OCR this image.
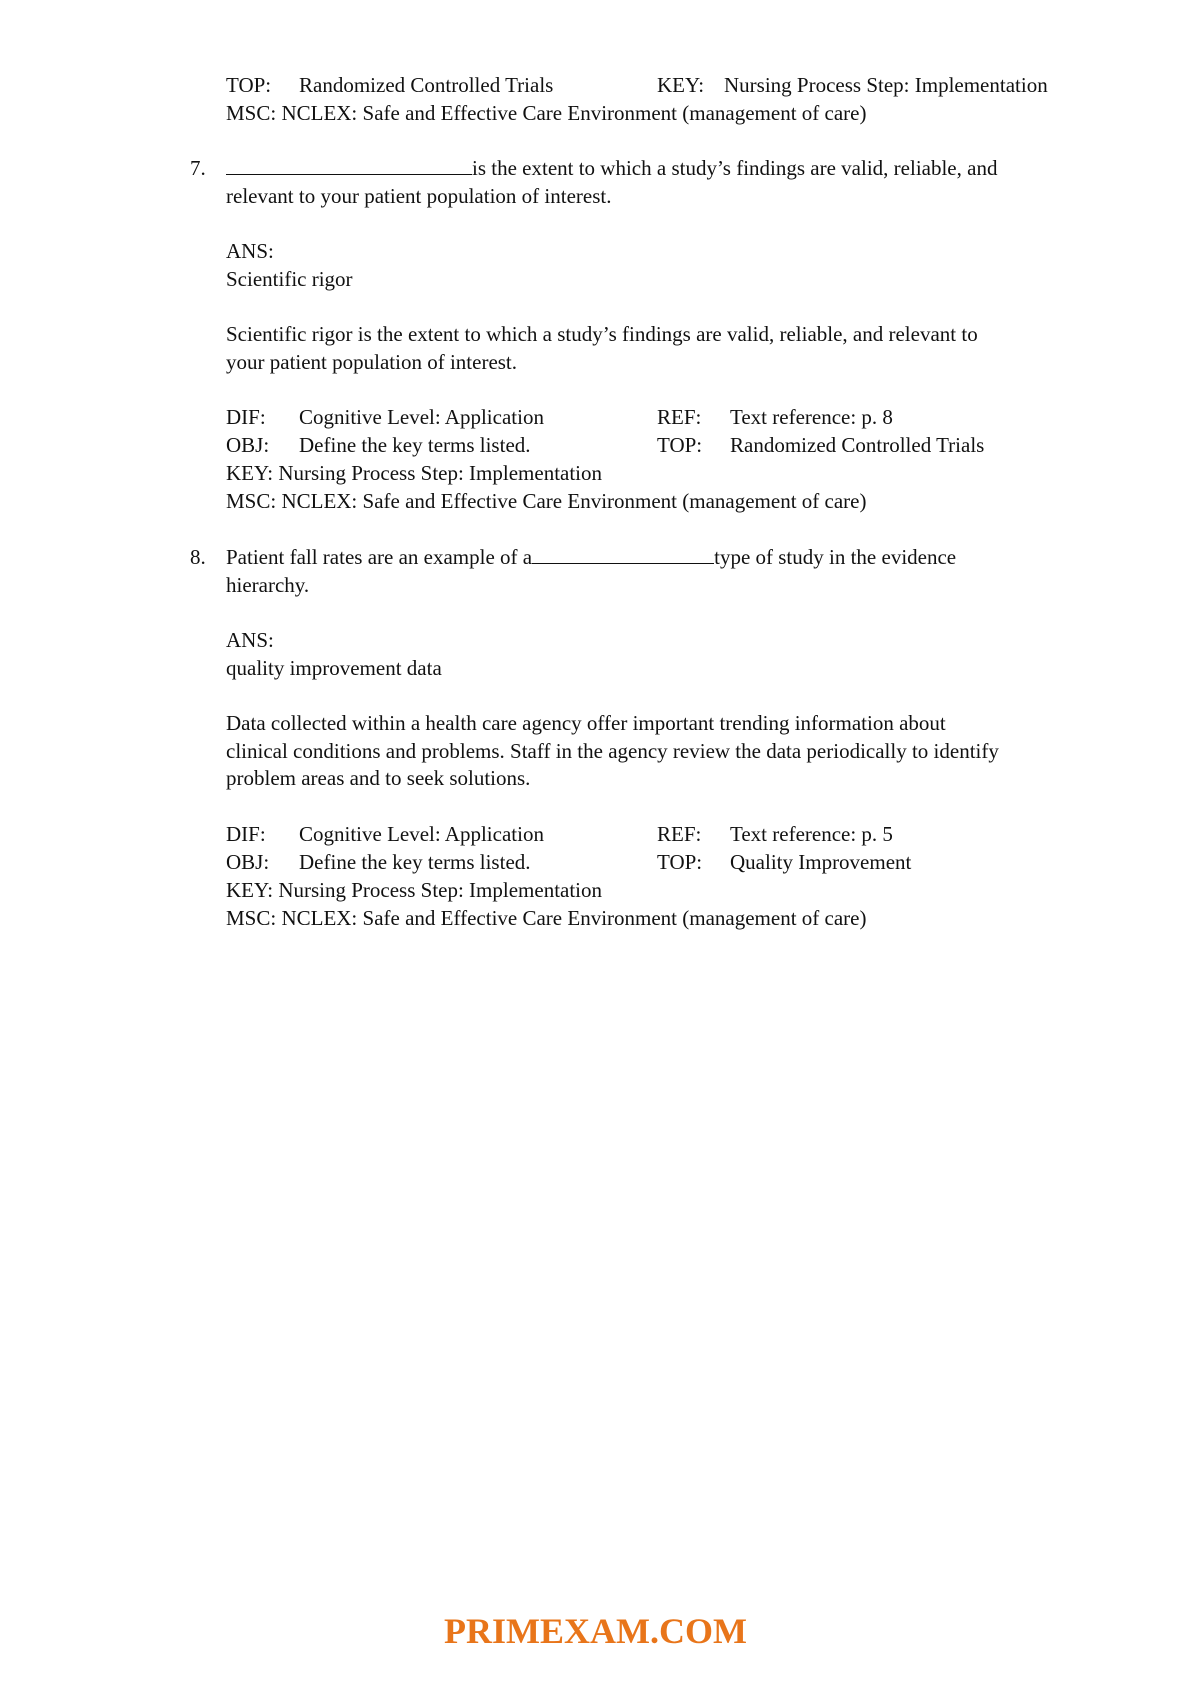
TOP: Randomized Controlled Trials	KEY: Nursing Process Step: Implementation
MSC: NCLEX: Safe and Effective Care Environment (management of care)
7.	is the extent to which a study’s findings are valid, reliable, and
relevant to your patient population of interest.
ANS:
Scientific rigor
Scientific rigor is the extent to which a study’s findings are valid, reliable, and relevant to
your patient population of interest.
DIF: Cognitive Level: Application	REF: Text reference: p. 8
OBJ: Define the key terms listed.	TOP: Randomized Controlled Trials
KEY: Nursing Process Step: Implementation
MSC: NCLEX: Safe and Effective Care Environment (management of care)
8. Patient fall rates are an example of a	type of study in the evidence
hierarchy.
ANS:
quality improvement data
Data collected within a health care agency offer important trending information about
clinical conditions and problems. Staff in the agency review the data periodically to identify
problem areas and to seek solutions.
DIF: Cognitive Level: Application	REF: Text reference: p. 5
OBJ: Define the key terms listed.	TOP: Quality Improvement
KEY: Nursing Process Step: Implementation
MSC: NCLEX: Safe and Effective Care Environment (management of care)
PRIMEXAM.COM
